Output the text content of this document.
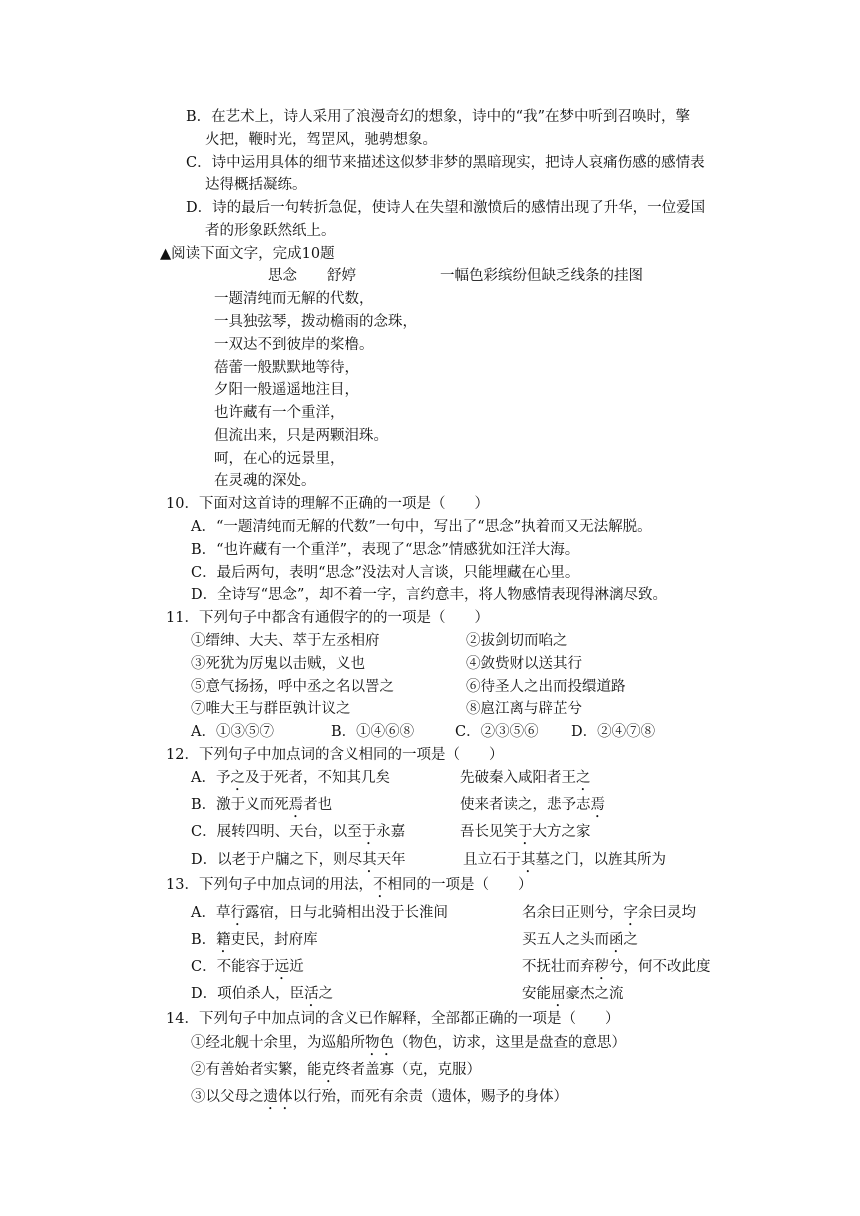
B．在艺术上，诗人采用了浪漫奇幻的想象，诗中的“我”在梦中听到召唤时，擎
火把，鞭时光，驾罡风，驰骋想象。
C．诗中运用具体的细节来描述这似梦非梦的黑暗现实，把诗人哀痛伤感的感情表
达得概括凝练。
D．诗的最后一句转折急促，使诗人在失望和激愤后的感情出现了升华，一位爱国
者的形象跃然纸上。
▲阅读下面文字，完成10题
思念 舒婷	一幅色彩缤纷但缺乏线条的挂图
一题清纯而无解的代数，
一具独弦琴，拨动檐雨的念珠，
一双达不到彼岸的桨橹。
蓓蕾一般默默地等待，
夕阳一般遥遥地注目，
也许藏有一个重洋，
但流出来，只是两颗泪珠。
呵，在心的远景里，
在灵魂的深处。
10．下面对这首诗的理解不正确的一项是（　　）
A．“一题清纯而无解的代数”一句中，写出了“思念”执着而又无法解脱。
B．“也许藏有一个重洋”，表现了“思念”情感犹如汪洋大海。
C．最后两句，表明“思念”没法对人言谈，只能埋藏在心里。
D．全诗写“思念”，却不着一字，言约意丰，将人物感情表现得淋漓尽致。
11．下列句子中都含有通假字的的一项是（　　）
①缙绅、大夫、萃于左丞相府	②拔剑切而啗之
③死犹为厉鬼以击贼，义也	④敛赀财以送其行
⑤意气扬扬，呼中丞之名以詈之	⑥待圣人之出而投缳道路
⑦唯大王与群臣孰计议之	⑧扈江离与辟芷兮
A．①③⑤⑦	B．①④⑥⑧	C．②③⑤⑥ D．②④⑦⑧
12．下列句子中加点词的含义相同的一项是（　　）
A．予之及于死者，不知其几矣	先破秦入咸阳者王之
B．激于义而死焉者也	使来者读之，悲予志焉
C．展转四明、天台，以至于永嘉	吾长见笑于大方之家
D．以老于户牖之下，则尽其天年	且立石于其墓之门，以旌其所为
13．下列句子中加点词的用法，不相同的一项是（　　）
A．草行露宿，日与北骑相出没于长淮间	名余曰正则兮，字余曰灵均
B．籍吏民，封府库	买五人之头而函之
C．不能容于远近	不抚壮而弃秽兮，何不改此度
D．项伯杀人，臣活之	安能屈豪杰之流
14．下列句子中加点词的含义已作解释，全部都正确的一项是（　　）
①经北舰十余里，为巡船所物色（物色，访求，这里是盘查的意思）
②有善始者实繁，能克终者盖寡（克，克服）
③以父母之遗体以行殆，而死有余责（遗体，赐予的身体）
